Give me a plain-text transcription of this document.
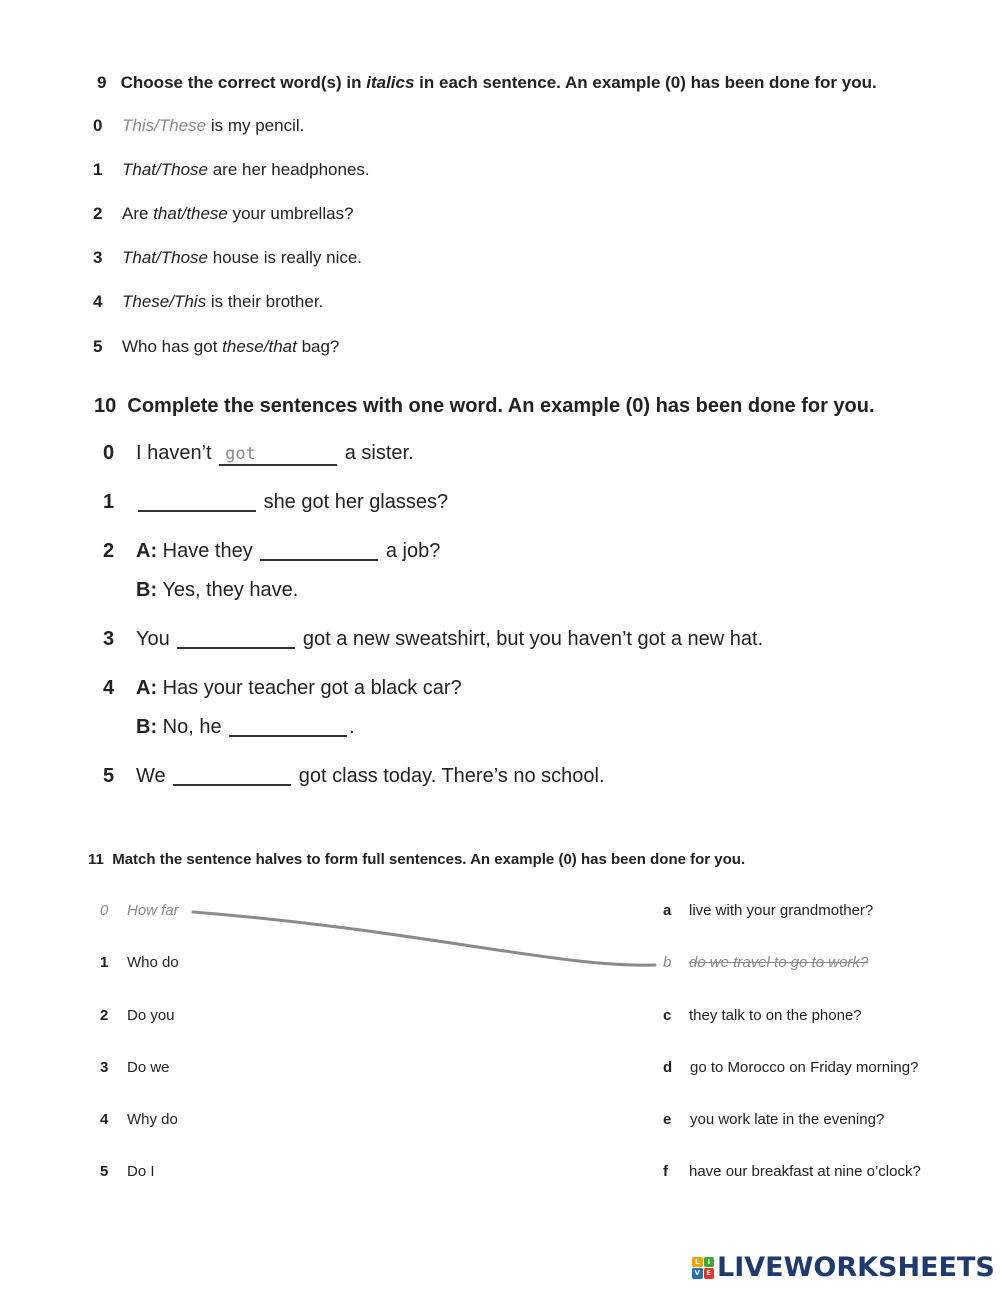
9 Choose the correct word(s) in italics in each sentence. An example (0) has been done for you.
0 This/These is my pencil.
1 That/Those are her headphones.
2 Are that/these your umbrellas?
3 That/Those house is really nice.
4 These/This is their brother.
5 Who has got these/that bag?
10 Complete the sentences with one word. An example (0) has been done for you.
0 I haven’t got	a sister.
1	she got her glasses?
2 A: Have they	a job?
B: Yes, they have.
3 You	got a new sweatshirt, but you haven’t got a new hat.
4 A: Has your teacher got a black car?
B: No, he	.
5 We	got class today. There’s no school.
11 Match the sentence halves to form full sentences. An example (0) has been done for you.
0 How far
1 Who do
2 Do you
3 Do we
4 Why do
5 Do I
a live with your grandmother?
b do we travel to go to work?
c they talk to on the phone?
d go to Morocco on Friday morning?
e you work late in the evening?
f have our breakfast at nine o’clock?
L	I
V E LIVEWORKSHEETS
